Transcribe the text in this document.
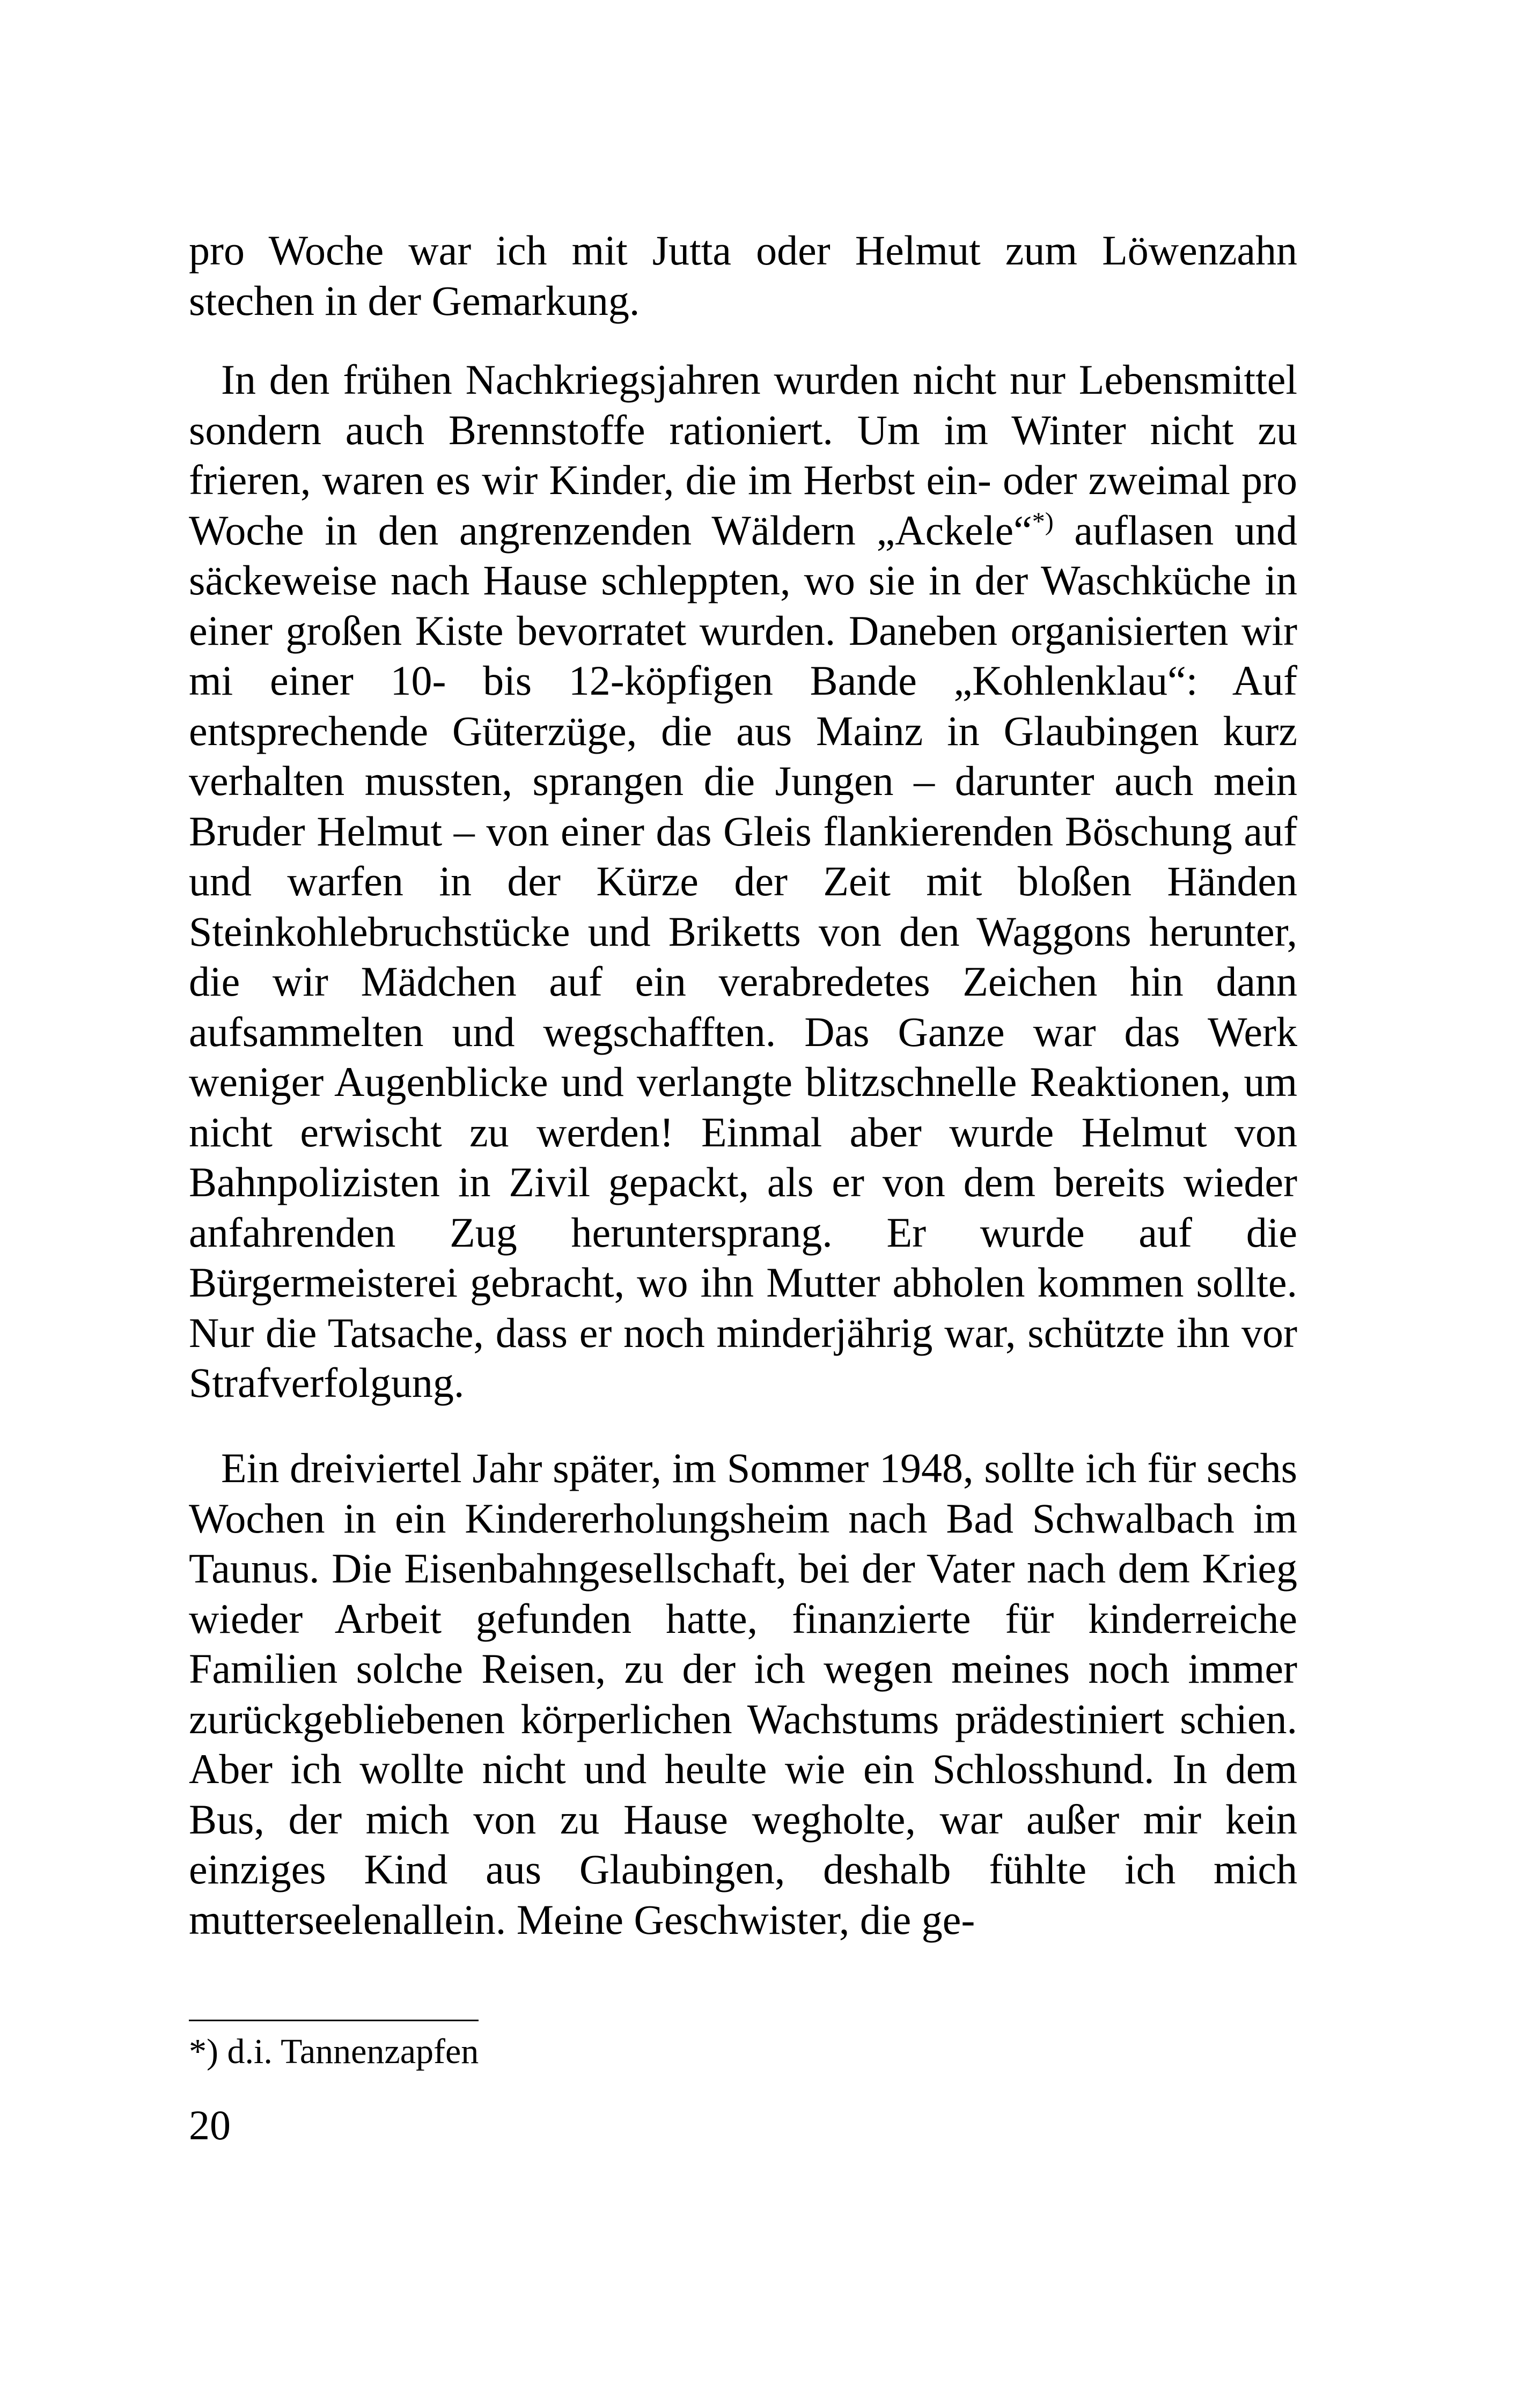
pro Woche war ich mit Jutta oder Helmut zum Löwenzahn stechen in der Gemarkung.

In den frühen Nachkriegsjahren wurden nicht nur Lebensmittel sondern auch Brennstoffe rationiert. Um im Winter nicht zu frieren, waren es wir Kinder, die im Herbst ein- oder zweimal pro Woche in den angrenzenden Wäldern „Ackele“*) auflasen und säckeweise nach Hause schleppten, wo sie in der Waschküche in einer großen Kiste bevorratet wurden. Daneben organisierten wir mi einer 10- bis 12-köpfigen Bande „Kohlenklau“: Auf entsprechende Güterzüge, die aus Mainz in Glaubingen kurz verhalten mussten, sprangen die Jungen – darunter auch mein Bruder Helmut – von einer das Gleis flankierenden Böschung auf und warfen in der Kürze der Zeit mit bloßen Händen Steinkohlebruchstücke und Briketts von den Waggons herunter, die wir Mädchen auf ein verabredetes Zeichen hin dann aufsammelten und wegschafften. Das Ganze war das Werk weniger Augenblicke und verlangte blitzschnelle Reaktionen, um nicht erwischt zu werden! Einmal aber wurde Helmut von Bahnpolizisten in Zivil gepackt, als er von dem bereits wieder anfahrenden Zug heruntersprang. Er wurde auf die Bürgermeisterei gebracht, wo ihn Mutter abholen kommen sollte. Nur die Tatsache, dass er noch minderjährig war, schützte ihn vor Strafverfolgung.

Ein dreiviertel Jahr später, im Sommer 1948, sollte ich für sechs Wochen in ein Kindererholungsheim nach Bad Schwalbach im Taunus. Die Eisenbahngesellschaft, bei der Vater nach dem Krieg wieder Arbeit gefunden hatte, finanzierte für kinderreiche Familien solche Reisen, zu der ich wegen meines noch immer zurückgebliebenen körperlichen Wachstums prädestiniert schien. Aber ich wollte nicht und heulte wie ein Schlosshund. In dem Bus, der mich von zu Hause wegholte, war außer mir kein einziges Kind aus Glaubingen, deshalb fühlte ich mich mutterseelenallein. Meine Geschwister, die ge-

*) d.i. Tannenzapfen
20
